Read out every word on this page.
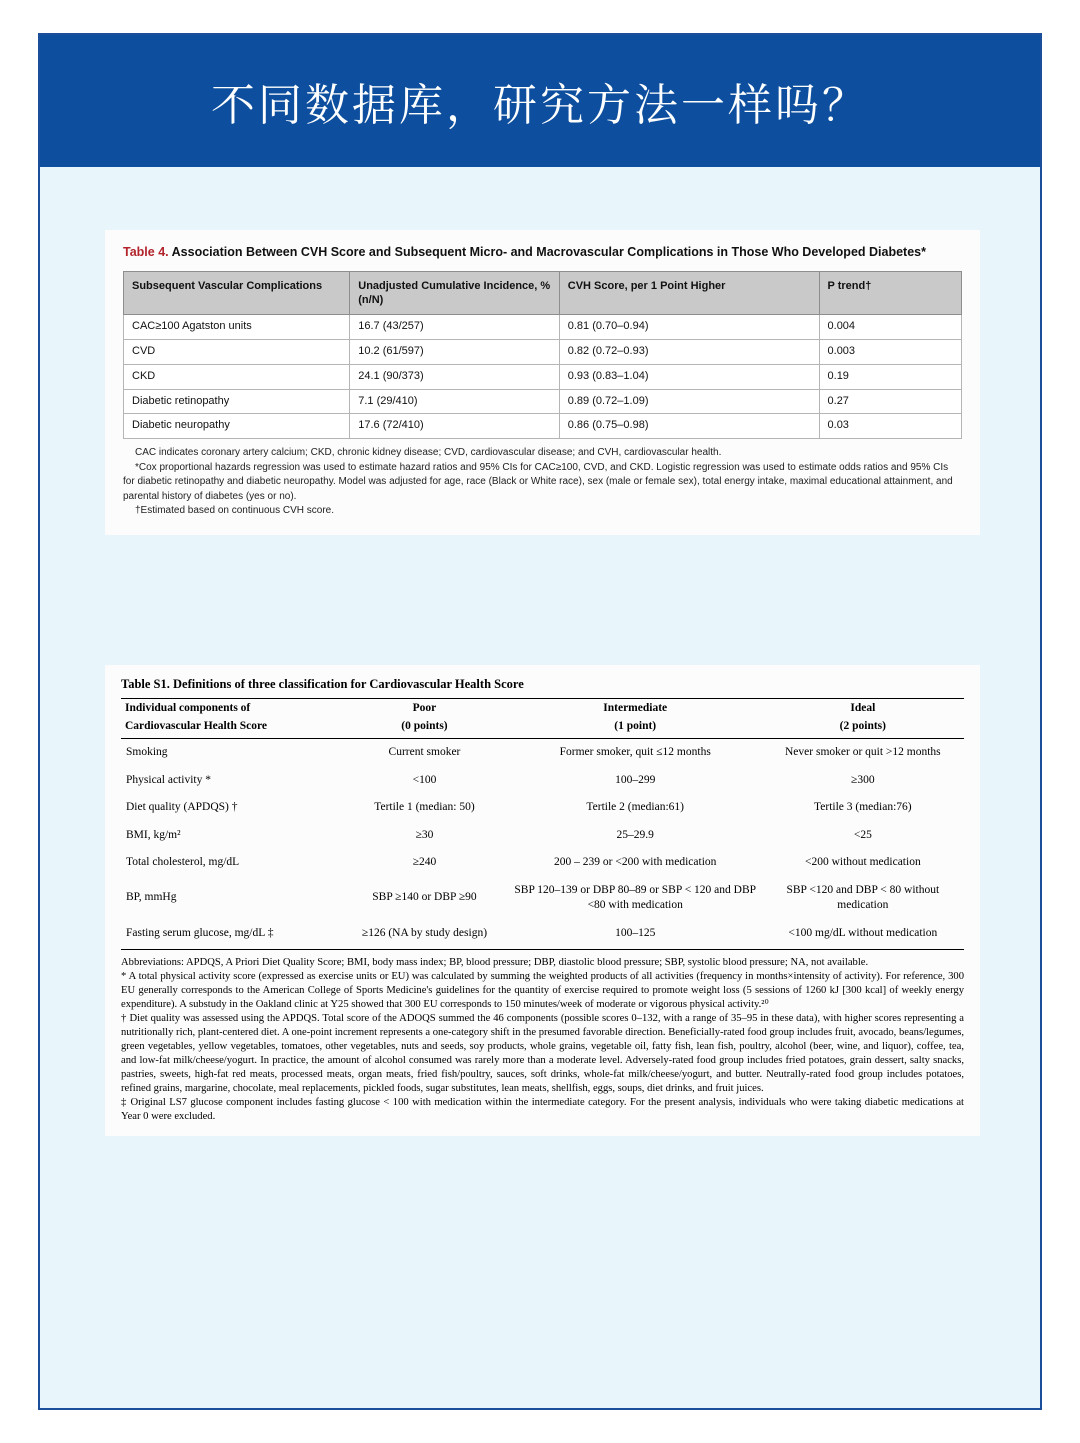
不同数据库，研究方法一样吗？
Table 4. Association Between CVH Score and Subsequent Micro- and Macrovascular Complications in Those Who Developed Diabetes*
Subsequent Vascular Complications	Unadjusted Cumulative Incidence, % (n/N)	CVH Score, per 1 Point Higher	P trend†
CAC≥100 Agatston units	16.7 (43/257)	0.81 (0.70–0.94)	0.004
CVD	10.2 (61/597)	0.82 (0.72–0.93)	0.003
CKD	24.1 (90/373)	0.93 (0.83–1.04)	0.19
Diabetic retinopathy	7.1 (29/410)	0.89 (0.72–1.09)	0.27
Diabetic neuropathy	17.6 (72/410)	0.86 (0.75–0.98)	0.03

CAC indicates coronary artery calcium; CKD, chronic kidney disease; CVD, cardiovascular disease; and CVH, cardiovascular health.

*Cox proportional hazards regression was used to estimate hazard ratios and 95% CIs for CAC≥100, CVD, and CKD. Logistic regression was used to estimate odds ratios and 95% CIs for diabetic retinopathy and diabetic neuropathy. Model was adjusted for age, race (Black or White race), sex (male or female sex), total energy intake, maximal educational attainment, and parental history of diabetes (yes or no).

†Estimated based on continuous CVH score.

Table S1. Definitions of three classification for Cardiovascular Health Score
Individual components of	Poor	Intermediate	Ideal
Cardiovascular Health Score	(0 points)	(1 point)	(2 points)
Smoking	Current smoker	Former smoker, quit ≤12 months	Never smoker or quit >12 months
Physical activity *	<100	100–299	≥300
Diet quality (APDQS) †	Tertile 1 (median: 50)	Tertile 2 (median:61)	Tertile 3 (median:76)
BMI, kg/m²	≥30	25–29.9	<25
Total cholesterol, mg/dL	≥240	200 – 239 or <200 with medication	<200 without medication
BP, mmHg	SBP ≥140 or DBP ≥90	SBP 120–139 or DBP 80–89 or SBP < 120 and DBP <80 with medication	SBP <120 and DBP < 80 without medication
Fasting serum glucose, mg/dL ‡	≥126 (NA by study design)	100–125	<100 mg/dL without medication

Abbreviations: APDQS, A Priori Diet Quality Score; BMI, body mass index; BP, blood pressure; DBP, diastolic blood pressure; SBP, systolic blood pressure; NA, not available.

* A total physical activity score (expressed as exercise units or EU) was calculated by summing the weighted products of all activities (frequency in months×intensity of activity). For reference, 300 EU generally corresponds to the American College of Sports Medicine's guidelines for the quantity of exercise required to promote weight loss (5 sessions of 1260 kJ [300 kcal] of weekly energy expenditure). A substudy in the Oakland clinic at Y25 showed that 300 EU corresponds to 150 minutes/week of moderate or vigorous physical activity.²⁰

† Diet quality was assessed using the APDQS. Total score of the ADOQS summed the 46 components (possible scores 0–132, with a range of 35–95 in these data), with higher scores representing a nutritionally rich, plant-centered diet. A one-point increment represents a one-category shift in the presumed favorable direction. Beneficially-rated food group includes fruit, avocado, beans/legumes, green vegetables, yellow vegetables, tomatoes, other vegetables, nuts and seeds, soy products, whole grains, vegetable oil, fatty fish, lean fish, poultry, alcohol (beer, wine, and liquor), coffee, tea, and low-fat milk/cheese/yogurt. In practice, the amount of alcohol consumed was rarely more than a moderate level. Adversely-rated food group includes fried potatoes, grain dessert, salty snacks, pastries, sweets, high-fat red meats, processed meats, organ meats, fried fish/poultry, sauces, soft drinks, whole-fat milk/cheese/yogurt, and butter. Neutrally-rated food group includes potatoes, refined grains, margarine, chocolate, meal replacements, pickled foods, sugar substitutes, lean meats, shellfish, eggs, soups, diet drinks, and fruit juices.

‡ Original LS7 glucose component includes fasting glucose < 100 with medication within the intermediate category. For the present analysis, individuals who were taking diabetic medications at Year 0 were excluded.
